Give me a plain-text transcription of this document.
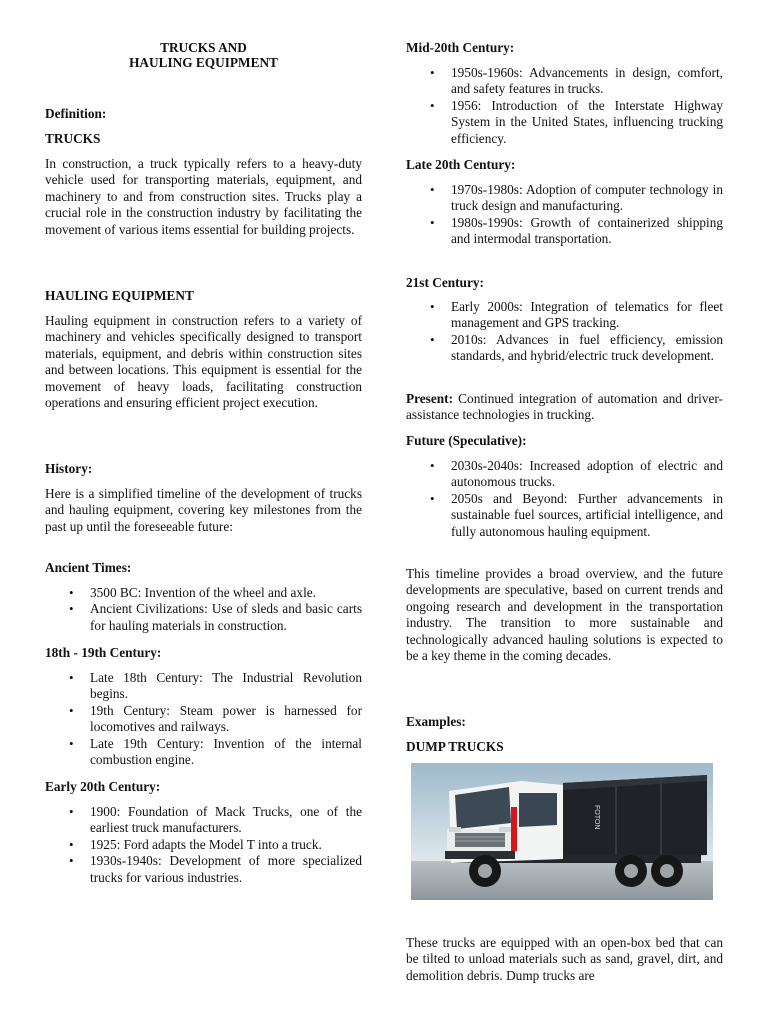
TRUCKS AND
HAULING EQUIPMENT
Definition:
TRUCKS

In construction, a truck typically refers to a heavy-duty vehicle used for transporting materials, equipment, and machinery to and from construction sites. Trucks play a crucial role in the construction industry by facilitating the movement of various items essential for building projects.

HAULING EQUIPMENT

Hauling equipment in construction refers to a variety of machinery and vehicles specifically designed to transport materials, equipment, and debris within construction sites and between locations. This equipment is essential for the movement of heavy loads, facilitating construction operations and ensuring efficient project execution.

History:

Here is a simplified timeline of the development of trucks and hauling equipment, covering key milestones from the past up until the foreseeable future:

Ancient Times:
• 3500 BC: Invention of the wheel and axle.
• Ancient Civilizations: Use of sleds and basic carts for hauling materials in construction.
18th - 19th Century:
• Late 18th Century: The Industrial Revolution begins.
• 19th Century: Steam power is harnessed for locomotives and railways.
• Late 19th Century: Invention of the internal combustion engine.
Early 20th Century:
• 1900: Foundation of Mack Trucks, one of the earliest truck manufacturers.
• 1925: Ford adapts the Model T into a truck.
• 1930s-1940s: Development of more specialized trucks for various industries.
Mid-20th Century:
• 1950s-1960s: Advancements in design, comfort, and safety features in trucks.
• 1956: Introduction of the Interstate Highway System in the United States, influencing trucking efficiency.
Late 20th Century:
• 1970s-1980s: Adoption of computer technology in truck design and manufacturing.
• 1980s-1990s: Growth of containerized shipping and intermodal transportation.
21st Century:
• Early 2000s: Integration of telematics for fleet management and GPS tracking.
• 2010s: Advances in fuel efficiency, emission standards, and hybrid/electric truck development.

Present: Continued integration of automation and driver-assistance technologies in trucking.

Future (Speculative):
• 2030s-2040s: Increased adoption of electric and autonomous trucks.
• 2050s and Beyond: Further advancements in sustainable fuel sources, artificial intelligence, and fully autonomous hauling equipment.

This timeline provides a broad overview, and the future developments are speculative, based on current trends and ongoing research and development in the transportation industry. The transition to more sustainable and technologically advanced hauling solutions is expected to be a key theme in the coming decades.

Examples:
DUMP TRUCKS
FOTON

These trucks are equipped with an open-box bed that can be tilted to unload materials such as sand, gravel, dirt, and demolition debris. Dump trucks are
